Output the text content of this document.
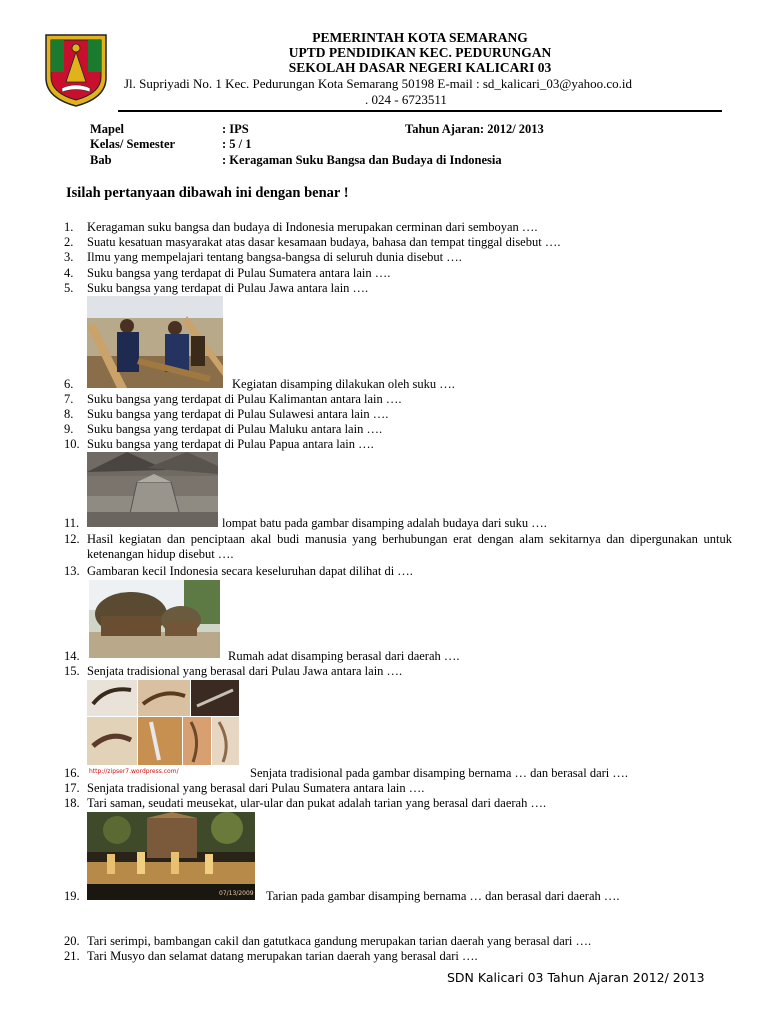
PEMERINTAH KOTA SEMARANG
UPTD PENDIDIKAN KEC. PEDURUNGAN
SEKOLAH DASAR NEGERI KALICARI 03
Jl. Supriyadi No. 1 Kec. Pedurungan Kota Semarang 50198 E-mail : sd_kalicari_03@yahoo.co.id
. 024 - 6723511
Mapel	: IPS	Tahun Ajaran: 2012/ 2013
Kelas/ Semester	: 5 / 1
Bab	: Keragaman Suku Bangsa dan Budaya di Indonesia
Isilah pertanyaan dibawah ini dengan benar !
1. Keragaman suku bangsa dan budaya di Indonesia merupakan cerminan dari semboyan ….
2. Suatu kesatuan masyarakat atas dasar kesamaan budaya, bahasa dan tempat tinggal disebut ….
3. Ilmu yang mempelajari tentang bangsa-bangsa di seluruh dunia disebut ….
4. Suku bangsa yang terdapat di Pulau Sumatera antara lain ….
5. Suku bangsa yang terdapat di Pulau Jawa antara lain ….
6.	Kegiatan disamping dilakukan oleh suku ….
7. Suku bangsa yang terdapat di Pulau Kalimantan antara lain ….
8. Suku bangsa yang terdapat di Pulau Sulawesi antara lain ….
9. Suku bangsa yang terdapat di Pulau Maluku antara lain ….
10. Suku bangsa yang terdapat di Pulau Papua antara lain ….
11.	lompat batu pada gambar disamping adalah budaya dari suku ….
12. Hasil kegiatan dan penciptaan akal budi manusia yang berhubungan erat dengan alam sekitarnya dan dipergunakan untuk ketenangan hidup disebut ….
13. Gambaran kecil Indonesia secara keseluruhan dapat dilihat di ….
14.	Rumah adat disamping berasal dari daerah ….
15. Senjata tradisional yang berasal dari Pulau Jawa antara lain ….
http://zipser7.wordpress.com/
16.	Senjata tradisional pada gambar disamping bernama … dan berasal dari ….
17. Senjata tradisional yang berasal dari Pulau Sumatera antara lain ….
18. Tari saman, seudati meusekat, ular-ular dan pukat adalah tarian yang berasal dari daerah ….
07/13/2009
19.	Tarian pada gambar disamping bernama … dan berasal dari daerah ….
20. Tari serimpi, bambangan cakil dan gatutkaca gandung merupakan tarian daerah yang berasal dari ….
21. Tari Musyo dan selamat datang merupakan tarian daerah yang berasal dari ….
SDN Kalicari 03 Tahun Ajaran 2012/ 2013
